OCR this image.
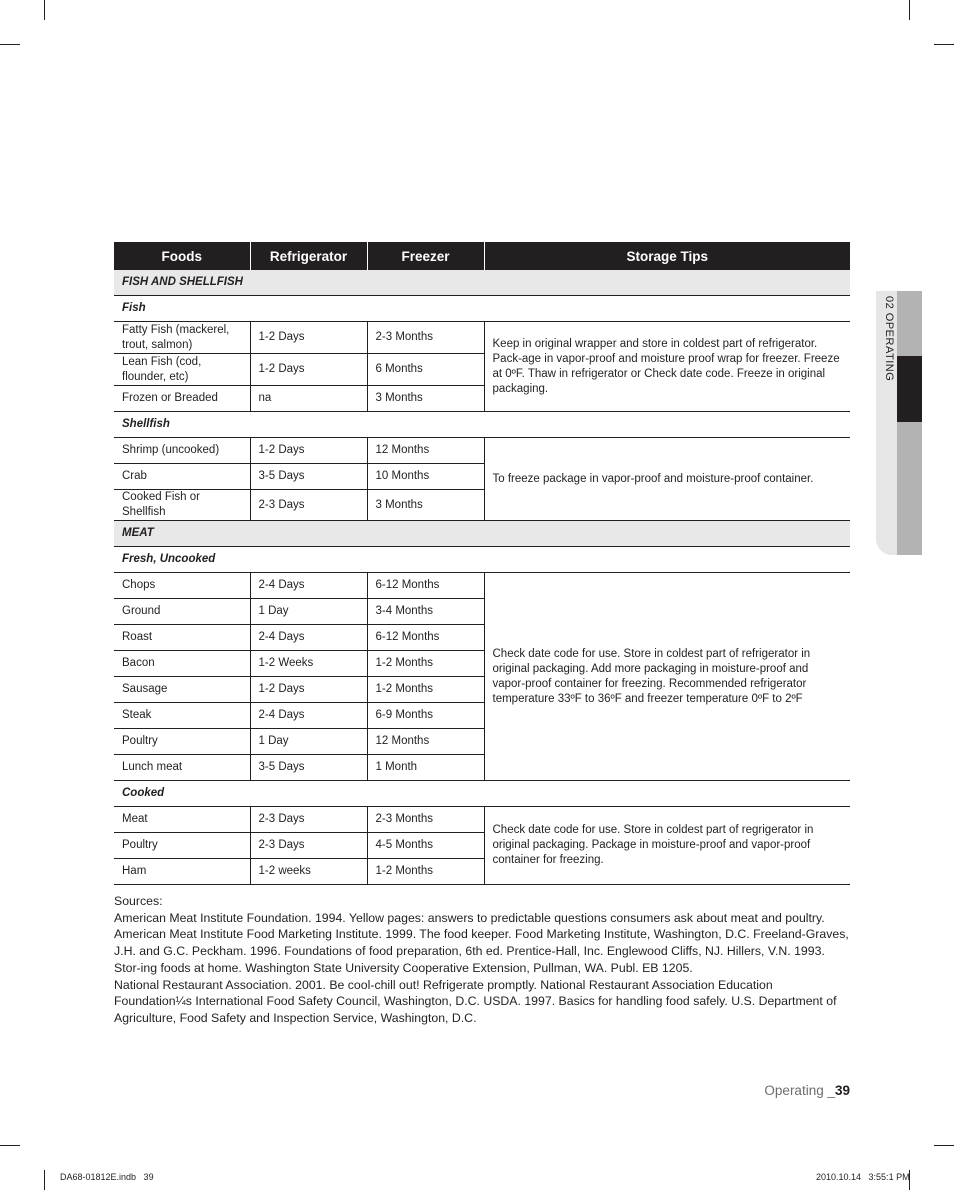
02 OPERATING
Foods	Refrigerator	Freezer	Storage Tips
FISH AND SHELLFISH			
Fish			
Fatty Fish (mackerel, trout, salmon)	1-2 Days	2-3 Months	Keep in original wrapper and store in coldest part of refrigerator. Pack-age in vapor-proof and moisture proof wrap for freezer. Freeze at 0ºF. Thaw in refrigerator or Check date code. Freeze in original packaging.
Lean Fish (cod, flounder, etc)	1-2 Days	6 Months	
Frozen or Breaded	na	3 Months	
Shellfish			
Shrimp (uncooked)	1-2 Days	12 Months	To freeze package in vapor-proof and moisture-proof container.
Crab	3-5 Days	10 Months	
Cooked Fish or Shellfish	2-3 Days	3 Months	
MEAT			
Fresh, Uncooked			
Chops	2-4 Days	6-12 Months	Check date code for use. Store in coldest part of refrigerator in original packaging. Add more packaging in moisture-proof and vapor-proof container for freezing. Recommended refrigerator temperature 33ºF to 36ºF and freezer temperature 0ºF to 2ºF
Ground	1 Day	3-4 Months	
Roast	2-4 Days	6-12 Months	
Bacon	1-2 Weeks	1-2 Months	
Sausage	1-2 Days	1-2 Months	
Steak	2-4 Days	6-9 Months	
Poultry	1 Day	12 Months	
Lunch meat	3-5 Days	1 Month	
Cooked			
Meat	2-3 Days	2-3 Months	Check date code for use. Store in coldest part of regrigerator in original packaging. Package in moisture-proof and vapor-proof container for freezing.
Poultry	2-3 Days	4-5 Months	
Ham	1-2 weeks	1-2 Months	

Sources:

American Meat Institute Foundation. 1994. Yellow pages: answers to predictable questions consumers ask about meat and poultry.

American Meat Institute Food Marketing Institute. 1999. The food keeper. Food Marketing Institute, Washington, D.C. Freeland-Graves, J.H. and G.C. Peckham. 1996. Foundations of food preparation, 6th ed. Prentice-Hall, Inc. Englewood Cliffs, NJ. Hillers, V.N. 1993. Stor-ing foods at home. Washington State University Cooperative Extension, Pullman, WA. Publ. EB 1205.

National Restaurant Association. 2001. Be cool-chill out! Refrigerate promptly. National Restaurant Association Education Foundation¼s International Food Safety Council, Washington, D.C. USDA. 1997. Basics for handling food safely. U.S. Department of Agriculture, Food Safety and Inspection Service, Washington, D.C.

Operating _39
DA68-01812E.indb   39	2010.10.14   3:55:1 PM
